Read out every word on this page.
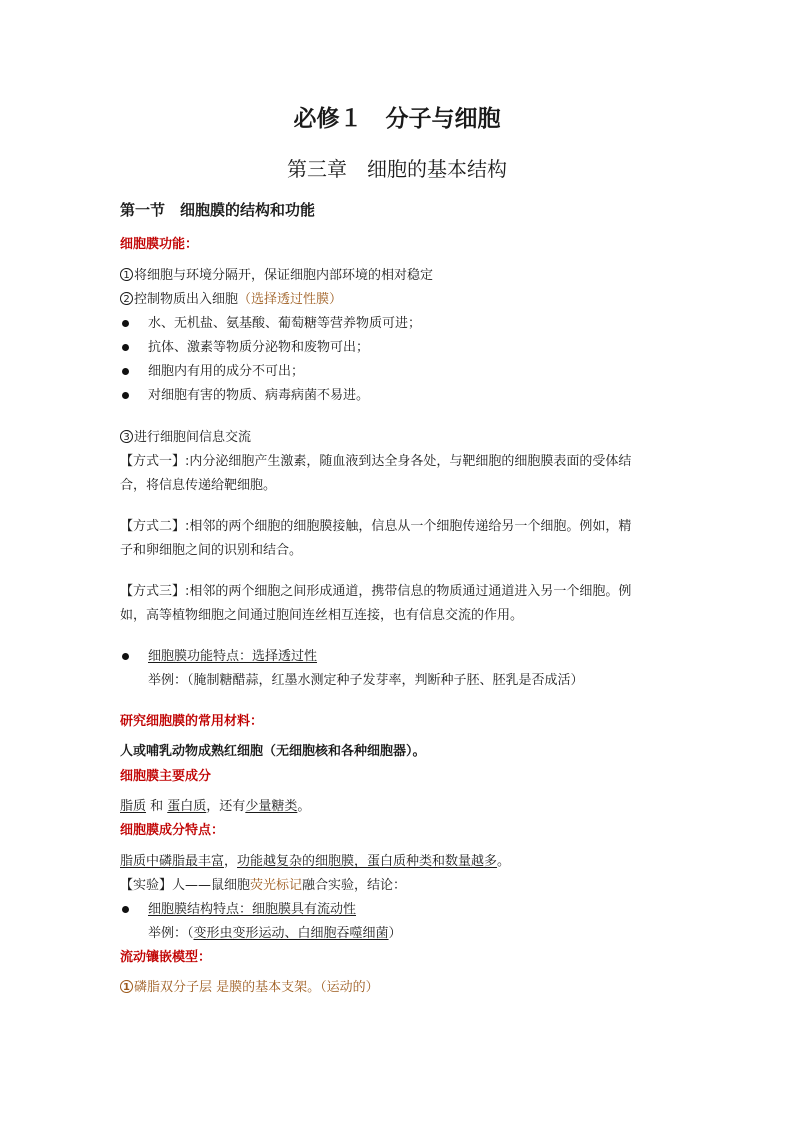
必修１　分子与细胞
第三章　细胞的基本结构
第一节　细胞膜的结构和功能
细胞膜功能：
1 将细胞与环境分隔开，保证细胞内部环境的相对稳定
2 控制物质出入细胞（选择透过性膜）
水、无机盐、氨基酸、葡萄糖等营养物质可进；
抗体、激素等物质分泌物和废物可出；
细胞内有用的成分不可出；
对细胞有害的物质、病毒病菌不易进。
3 进行细胞间信息交流
【方式一】:内分泌细胞产生激素，随血液到达全身各处，与靶细胞的细胞膜表面的受体结
合，将信息传递给靶细胞。
【方式二】:相邻的两个细胞的细胞膜接触，信息从一个细胞传递给另一个细胞。例如，精
子和卵细胞之间的识别和结合。
【方式三】:相邻的两个细胞之间形成通道，携带信息的物质通过通道进入另一个细胞。例
如，高等植物细胞之间通过胞间连丝相互连接，也有信息交流的作用。
细胞膜功能特点：选择透过性
举例：（腌制糖醋蒜，红墨水测定种子发芽率，判断种子胚、胚乳是否成活）
研究细胞膜的常用材料：
人或哺乳动物成熟红细胞（无细胞核和各种细胞器）。
细胞膜主要成分
脂质 和 蛋白质，还有少量糖类。
细胞膜成分特点：
脂质中磷脂最丰富，功能越复杂的细胞膜，蛋白质种类和数量越多。
【实验】人——鼠细胞荧光标记融合实验，结论：
细胞膜结构特点：细胞膜具有流动性
举例：（变形虫变形运动、白细胞吞噬细菌）
流动镶嵌模型：
1 磷脂双分子层 是膜的基本支架。（运动的）
